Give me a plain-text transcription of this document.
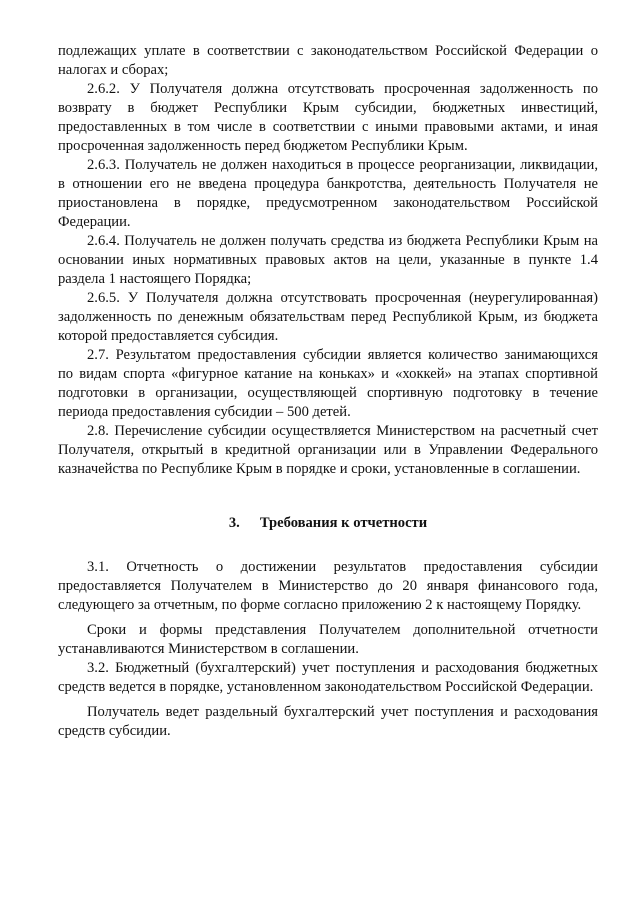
подлежащих уплате в соответствии с законодательством Российской Федерации о налогах и сборах;

2.6.2. У Получателя должна отсутствовать просроченная задолженность по возврату в бюджет Республики Крым субсидии, бюджетных инвестиций, предоставленных в том числе в соответствии с иными правовыми актами, и иная просроченная задолженность перед бюджетом Республики Крым.

2.6.3. Получатель не должен находиться в процессе реорганизации, ликвидации, в отношении его не введена процедура банкротства, деятельность Получателя не приостановлена в порядке, предусмотренном законодательством Российской Федерации.

2.6.4. Получатель не должен получать средства из бюджета Республики Крым на основании иных нормативных правовых актов на цели, указанные в пункте 1.4 раздела 1 настоящего Порядка;

2.6.5. У Получателя должна отсутствовать просроченная (неурегулированная) задолженность по денежным обязательствам перед Республикой Крым, из бюджета которой предоставляется субсидия.

2.7. Результатом предоставления субсидии является количество занимающихся по видам спорта «фигурное катание на коньках» и «хоккей» на этапах спортивной подготовки в организации, осуществляющей спортивную подготовку в течение периода предоставления субсидии – 500 детей.

2.8. Перечисление субсидии осуществляется Министерством на расчетный счет Получателя, открытый в кредитной организации или в Управлении Федерального казначейства по Республике Крым в порядке и сроки, установленные в соглашении.

3. Требования к отчетности

3.1. Отчетность о достижении результатов предоставления субсидии предоставляется Получателем в Министерство до 20 января финансового года, следующего за отчетным, по форме согласно приложению 2 к настоящему Порядку.

Сроки и формы представления Получателем дополнительной отчетности устанавливаются Министерством в соглашении.

3.2. Бюджетный (бухгалтерский) учет поступления и расходования бюджетных средств ведется в порядке, установленном законодательством Российской Федерации.

Получатель ведет раздельный бухгалтерский учет поступления и расходования средств субсидии.
